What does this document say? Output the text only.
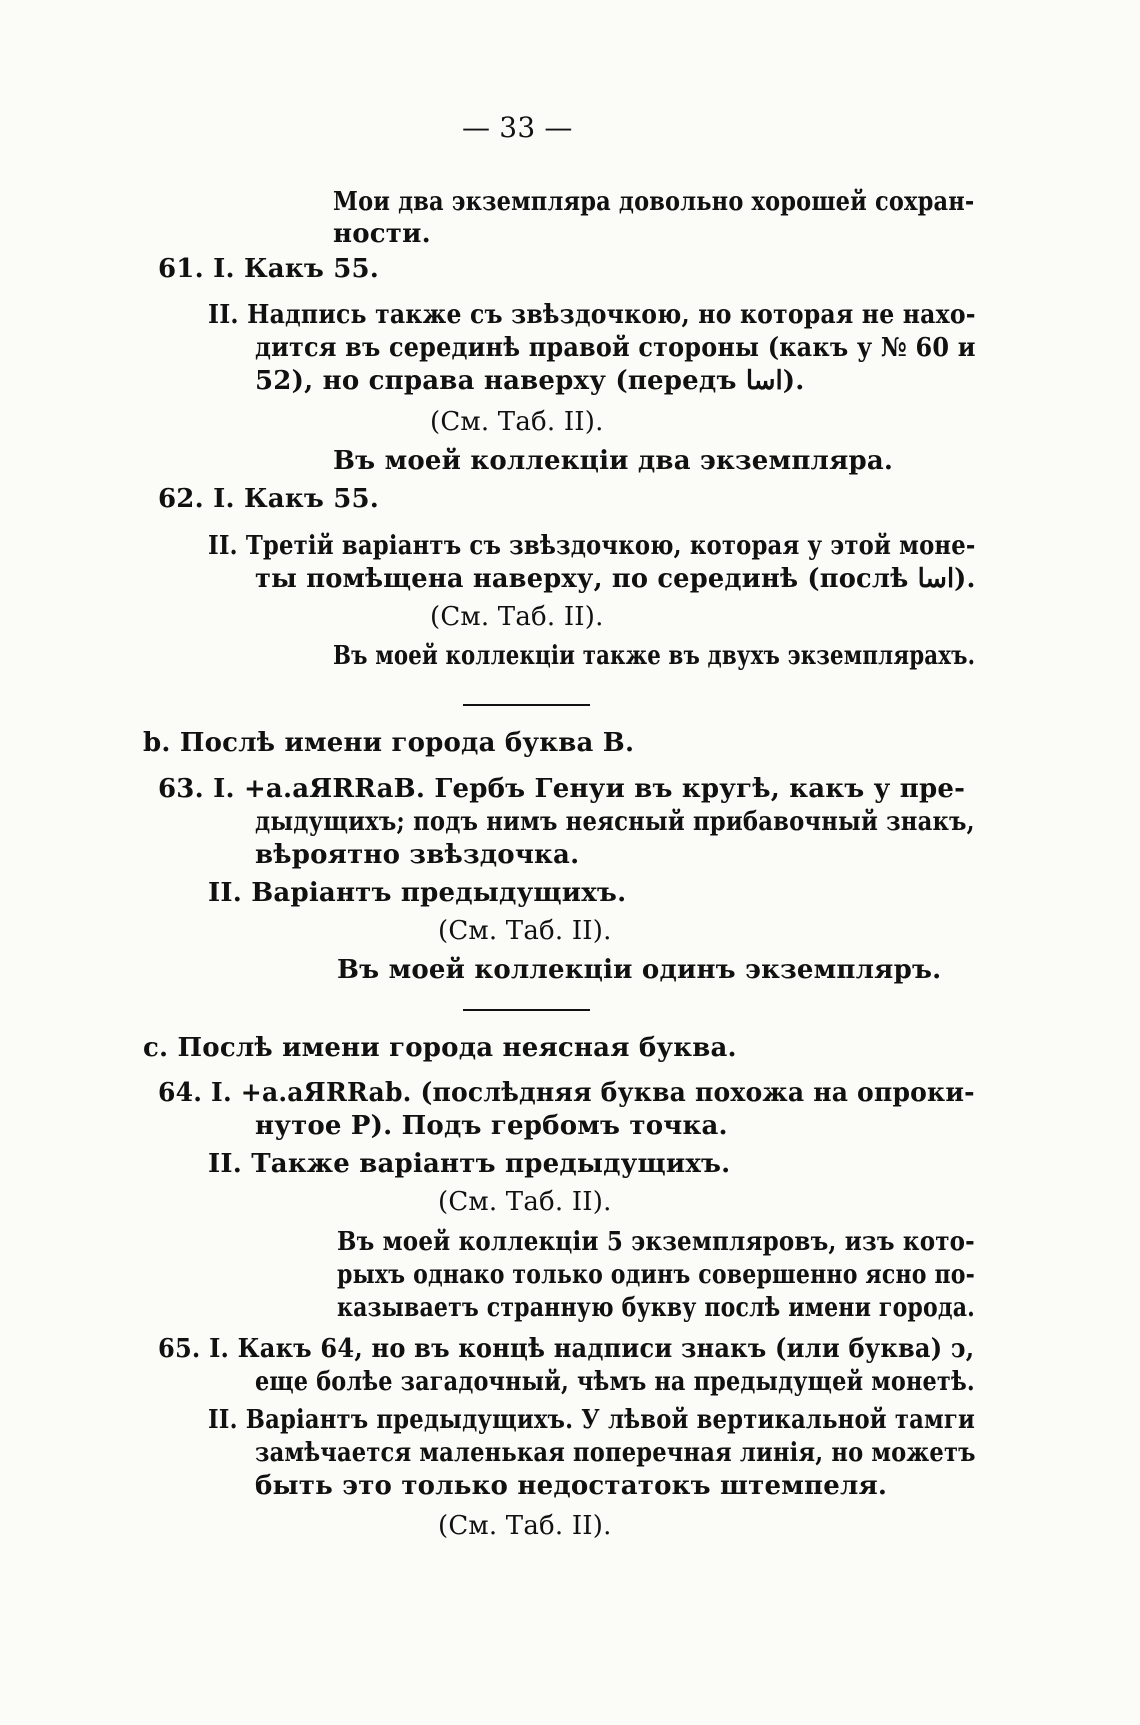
— 33 —
Мои два экземпляра довольно хорошей сохран-
ности.
61. I. Какъ 55.
II. Надпись также съ звѣздочкою, но которая не нахо-
дится въ серединѣ правой стороны (какъ у № 60 и
52), но справа наверху (передъ اسا).
(См. Таб. II).
Въ моей коллекціи два экземпляра.
62. I. Какъ 55.
II. Третій варіантъ съ звѣздочкою, которая у этой моне-
ты помѣщена наверху, по серединѣ (послѣ اسا).
(См. Таб. II).
Въ моей коллекціи также въ двухъ экземплярахъ.
b. Послѣ имени города буква B.
63. I. +a.aЯRRaB. Гербъ Генуи въ кругѣ, какъ у пре-
дыдущихъ; подъ нимъ неясный прибавочный знакъ,
вѣроятно звѣздочка.
II. Варіантъ предыдущихъ.
(См. Таб. II).
Въ моей коллекціи одинъ экземпляръ.
c. Послѣ имени города неясная буква.
64. I. +a.aЯRRab. (послѣдняя буква похожа на опроки-
нутое P). Подъ гербомъ точка.
II. Также варіантъ предыдущихъ.
(См. Таб. II).
Въ моей коллекціи 5 экземпляровъ, изъ кото-
рыхъ однако только одинъ совершенно ясно по-
казываетъ странную букву послѣ имени города.
65. I. Какъ 64, но въ концѣ надписи знакъ (или буква) ↄ,
еще болѣе загадочный, чѣмъ на предыдущей монетѣ.
II. Варіантъ предыдущихъ. У лѣвой вертикальной тамги
замѣчается маленькая поперечная линія, но можетъ
быть это только недостатокъ штемпеля.
(См. Таб. II).
